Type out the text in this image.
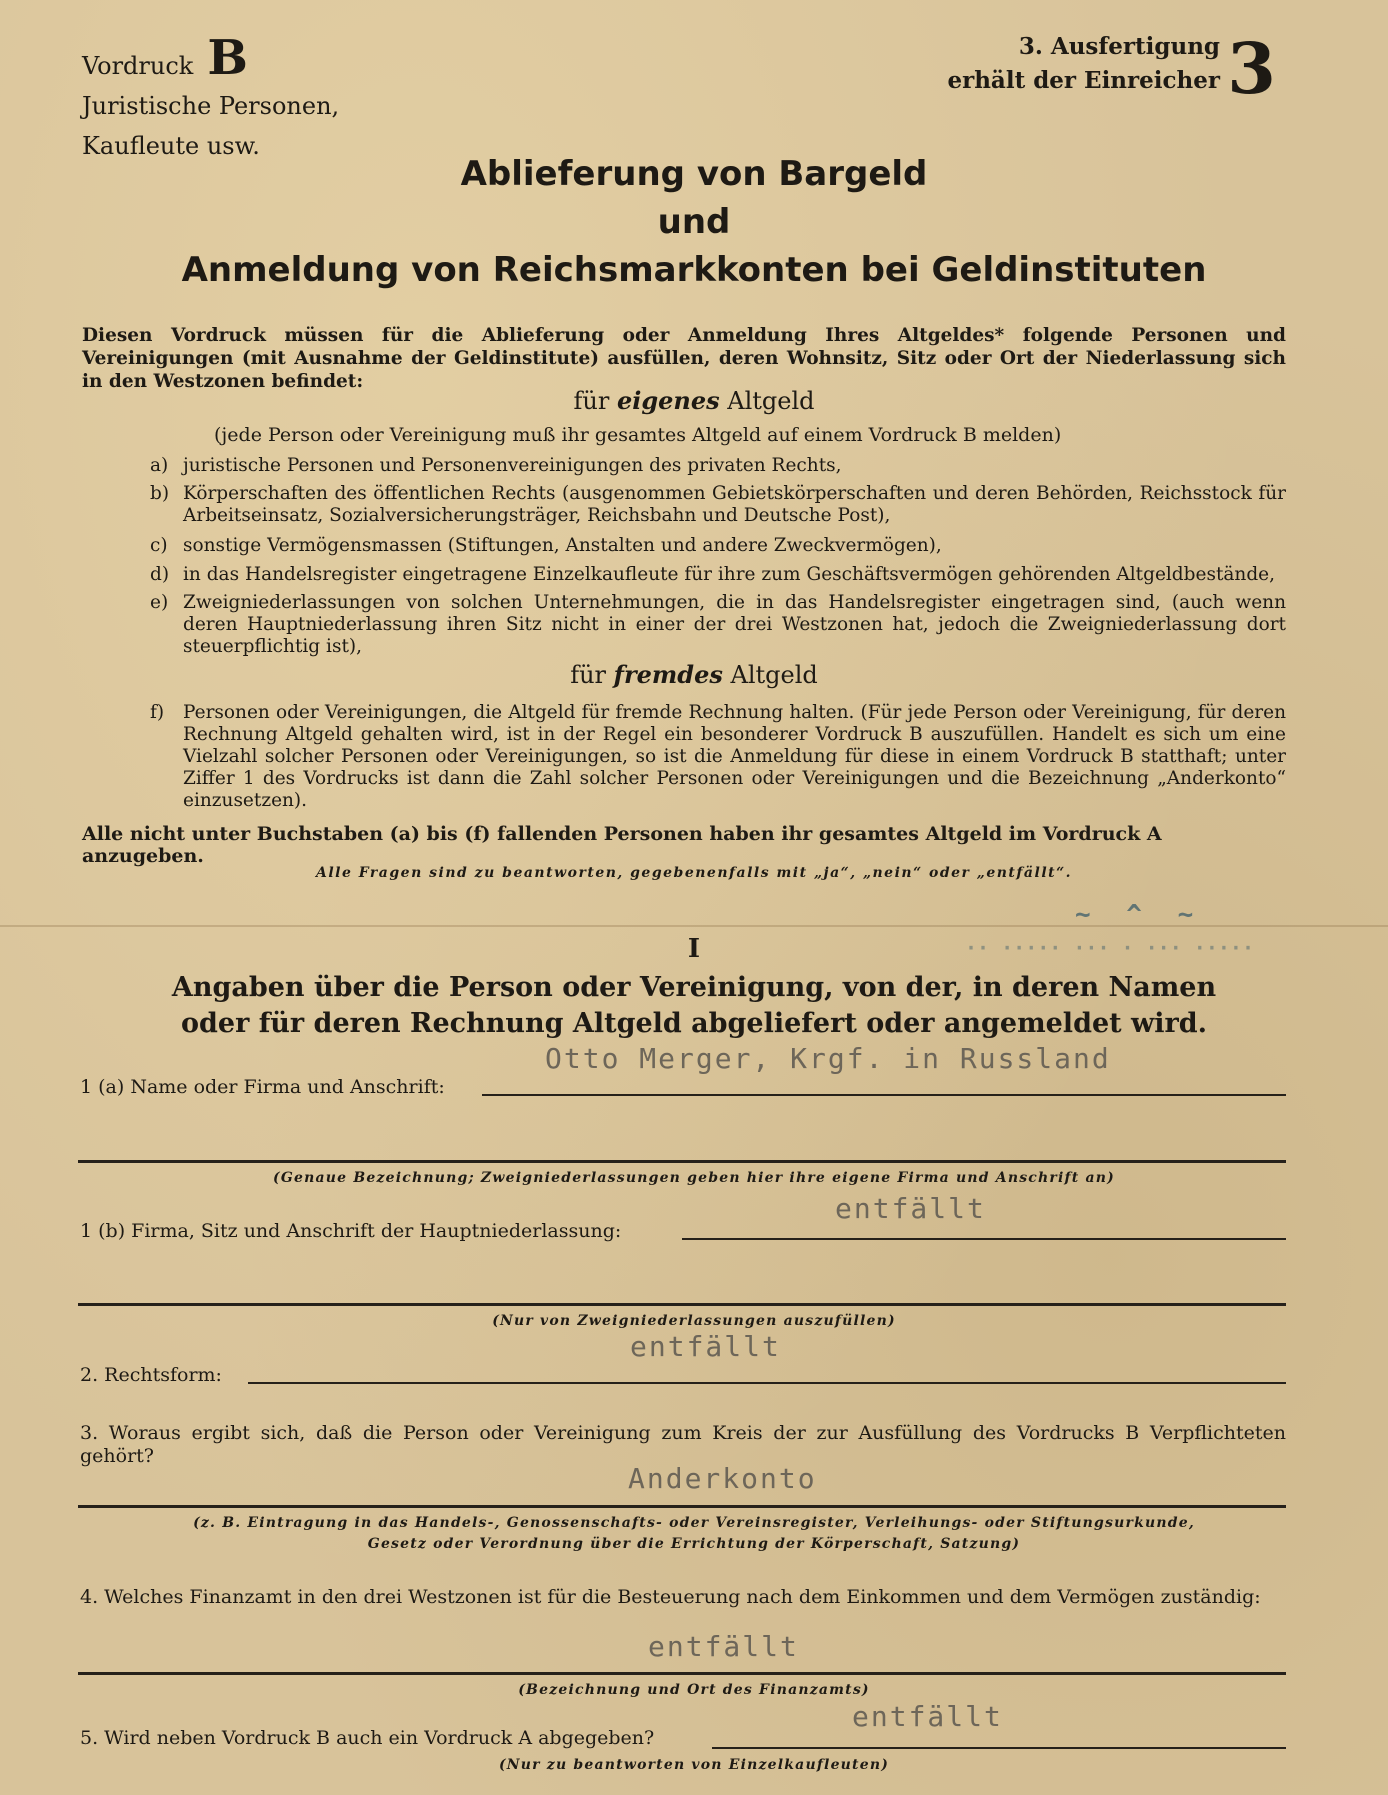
Vordruck B
Juristische Personen,
Kaufleute usw.
3. Ausfertigung
erhält der Einreicher 3
Ablieferung von Bargeld
und
Anmeldung von Reichsmarkkonten bei Geldinstituten
Diesen Vordruck müssen für die Ablieferung oder Anmeldung Ihres Altgeldes* folgende Personen und Vereinigungen (mit Ausnahme der Geldinstitute) ausfüllen, deren Wohnsitz, Sitz oder Ort der Niederlassung sich in den Westzonen befindet:
für eigenes Altgeld
(jede Person oder Vereinigung muß ihr gesamtes Altgeld auf einem Vordruck B melden)
a) juristische Personen und Personenvereinigungen des privaten Rechts,
b) Körperschaften des öffentlichen Rechts (ausgenommen Gebietskörperschaften und deren Behörden, Reichsstock für Arbeitseinsatz, Sozialversicherungsträger, Reichsbahn und Deutsche Post),
c) sonstige Vermögensmassen (Stiftungen, Anstalten und andere Zweckvermögen),
d) in das Handelsregister eingetragene Einzelkaufleute für ihre zum Geschäftsvermögen gehörenden Altgeldbestände,
e) Zweigniederlassungen von solchen Unternehmungen, die in das Handelsregister eingetragen sind, (auch wenn deren Hauptniederlassung ihren Sitz nicht in einer der drei Westzonen hat, jedoch die Zweigniederlassung dort steuerpflichtig ist),
für fremdes Altgeld
f)	Personen oder Vereinigungen, die Altgeld für fremde Rechnung halten. (Für jede Person oder Vereinigung, für deren Rechnung Altgeld gehalten wird, ist in der Regel ein besonderer Vordruck B auszufüllen. Handelt es sich um eine Vielzahl solcher Personen oder Vereinigungen, so ist die Anmeldung für diese in einem Vordruck B statthaft; unter Ziffer 1 des Vordrucks ist dann die Zahl solcher Personen oder Vereinigungen und die Bezeichnung „Anderkonto“ einzusetzen).
Alle nicht unter Buchstaben (a) bis (f) fallenden Personen haben ihr gesamtes Altgeld im Vordruck A anzugeben.
Alle Fragen sind zu beantworten, gegebenenfalls mit „ja“, „nein“ oder „entfällt“.
~ ^ ~
·· ····· ··· · ··· ·····
I
Angaben über die Person oder Vereinigung, von der, in deren Namen
oder für deren Rechnung Altgeld abgeliefert oder angemeldet wird.
1 (a) Name oder Firma und Anschrift:
Otto Merger, Krgf. in Russland
(Genaue Bezeichnung; Zweigniederlassungen geben hier ihre eigene Firma und Anschrift an)
1 (b) Firma, Sitz und Anschrift der Hauptniederlassung:
entfällt
(Nur von Zweigniederlassungen auszufüllen)
entfällt
2. Rechtsform:
3. Woraus ergibt sich, daß die Person oder Vereinigung zum Kreis der zur Ausfüllung des Vordrucks B Verpflichteten gehört?
Anderkonto
(z. B. Eintragung in das Handels-, Genossenschafts- oder Vereinsregister, Verleihungs- oder Stiftungsurkunde,
Gesetz oder Verordnung über die Errichtung der Körperschaft, Satzung)
4. Welches Finanzamt in den drei Westzonen ist für die Besteuerung nach dem Einkommen und dem Vermögen zuständig:
entfällt
(Bezeichnung und Ort des Finanzamts)
entfällt
5. Wird neben Vordruck B auch ein Vordruck A abgegeben?
(Nur zu beantworten von Einzelkaufleuten)
